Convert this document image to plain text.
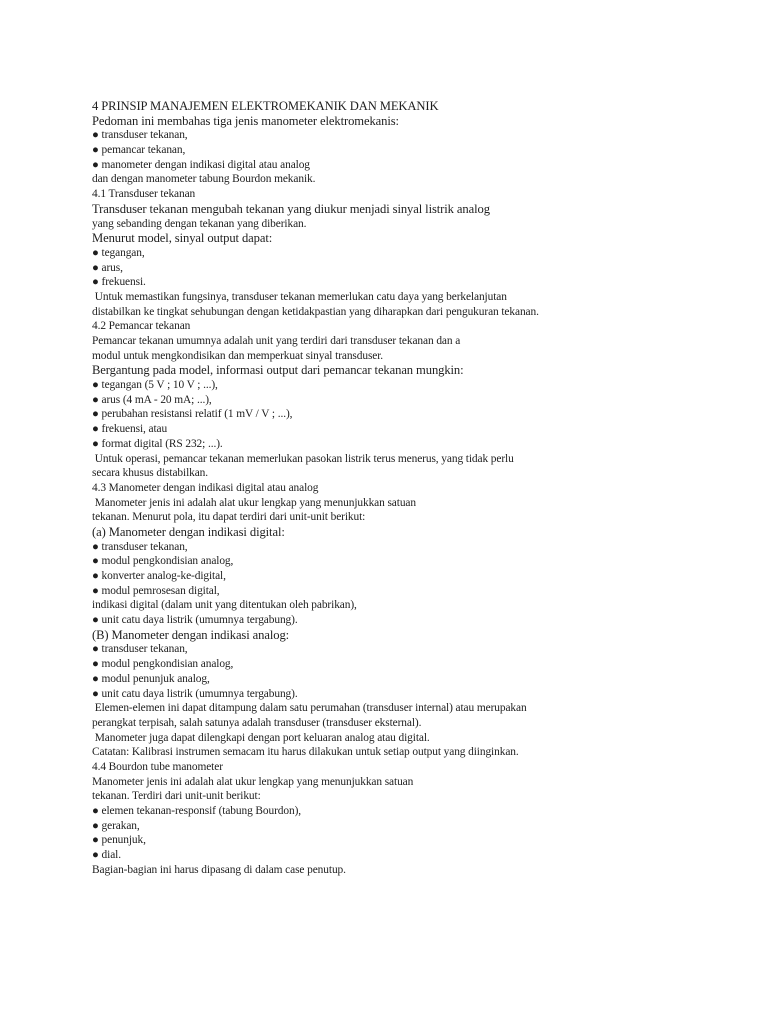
4 PRINSIP MANAJEMEN ELEKTROMEKANIK DAN MEKANIK
Pedoman ini membahas tiga jenis manometer elektromekanis:
● transduser tekanan,
● pemancar tekanan,
● manometer dengan indikasi digital atau analog
dan dengan manometer tabung Bourdon mekanik.
4.1 Transduser tekanan
Transduser tekanan mengubah tekanan yang diukur menjadi sinyal listrik analog
yang sebanding dengan tekanan yang diberikan.
Menurut model, sinyal output dapat:
● tegangan,
● arus,
● frekuensi.
Untuk memastikan fungsinya, transduser tekanan memerlukan catu daya yang berkelanjutan
distabilkan ke tingkat sehubungan dengan ketidakpastian yang diharapkan dari pengukuran tekanan.
4.2 Pemancar tekanan
Pemancar tekanan umumnya adalah unit yang terdiri dari transduser tekanan dan a
modul untuk mengkondisikan dan memperkuat sinyal transduser.
Bergantung pada model, informasi output dari pemancar tekanan mungkin:
● tegangan (5 V ; 10 V ; ...),
● arus (4 mA - 20 mA; ...),
● perubahan resistansi relatif (1 mV / V ; ...),
● frekuensi, atau
● format digital (RS 232; ...).
Untuk operasi, pemancar tekanan memerlukan pasokan listrik terus menerus, yang tidak perlu
secara khusus distabilkan.
4.3 Manometer dengan indikasi digital atau analog
Manometer jenis ini adalah alat ukur lengkap yang menunjukkan satuan
tekanan. Menurut pola, itu dapat terdiri dari unit-unit berikut:
(a) Manometer dengan indikasi digital:
● transduser tekanan,
● modul pengkondisian analog,
● konverter analog-ke-digital,
● modul pemrosesan digital,
indikasi digital (dalam unit yang ditentukan oleh pabrikan),
● unit catu daya listrik (umumnya tergabung).
(B) Manometer dengan indikasi analog:
● transduser tekanan,
● modul pengkondisian analog,
● modul penunjuk analog,
● unit catu daya listrik (umumnya tergabung).
Elemen-elemen ini dapat ditampung dalam satu perumahan (transduser internal) atau merupakan
perangkat terpisah, salah satunya adalah transduser (transduser eksternal).
Manometer juga dapat dilengkapi dengan port keluaran analog atau digital.
Catatan: Kalibrasi instrumen semacam itu harus dilakukan untuk setiap output yang diinginkan.
4.4 Bourdon tube manometer
Manometer jenis ini adalah alat ukur lengkap yang menunjukkan satuan
tekanan. Terdiri dari unit-unit berikut:
● elemen tekanan-responsif (tabung Bourdon),
● gerakan,
● penunjuk,
● dial.
Bagian-bagian ini harus dipasang di dalam case penutup.
